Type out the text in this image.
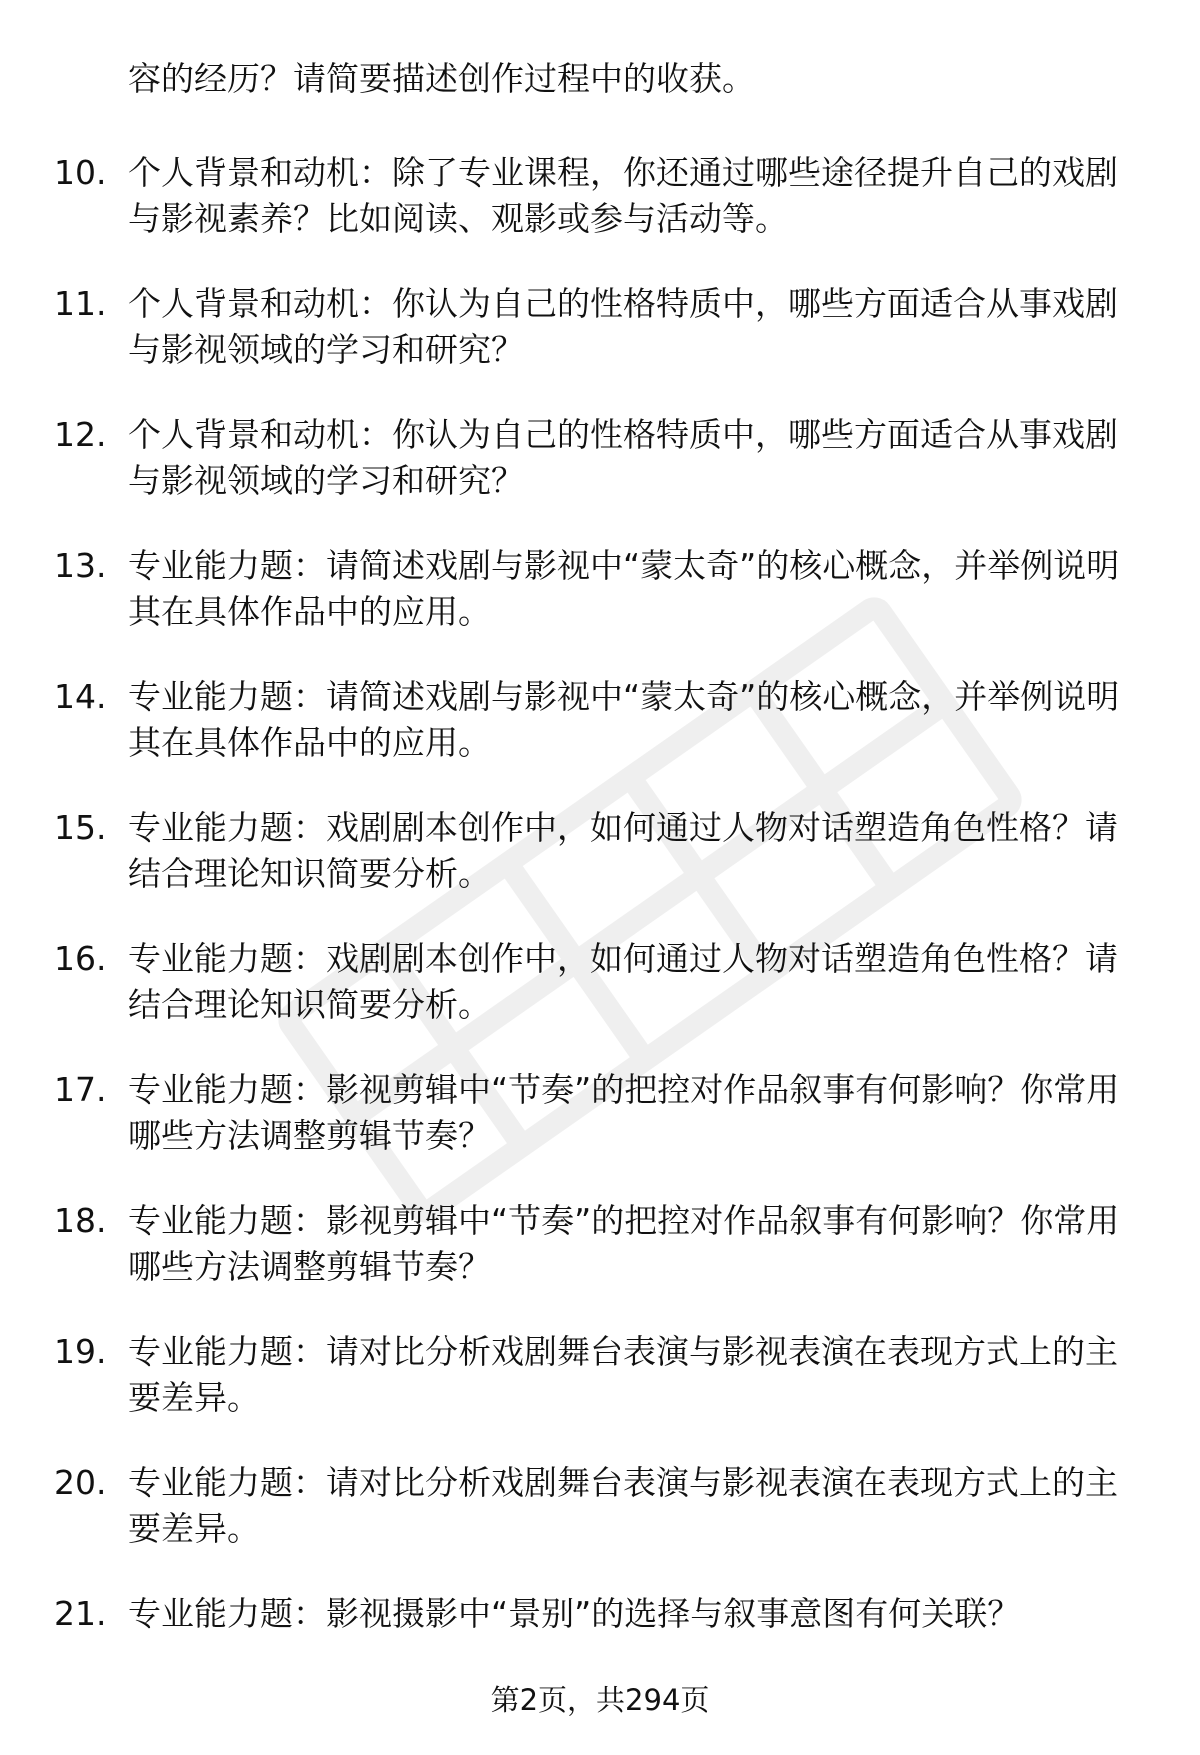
容的经历？请简要描述创作过程中的收获。
10. 个人背景和动机：除了专业课程，你还通过哪些途径提升自己的戏剧与影视素养？比如阅读、观影或参与活动等。
11. 个人背景和动机：你认为自己的性格特质中，哪些方面适合从事戏剧与影视领域的学习和研究？
12. 个人背景和动机：你认为自己的性格特质中，哪些方面适合从事戏剧与影视领域的学习和研究？
13. 专业能力题：请简述戏剧与影视中“蒙太奇”的核心概念，并举例说明其在具体作品中的应用。
14. 专业能力题：请简述戏剧与影视中“蒙太奇”的核心概念，并举例说明其在具体作品中的应用。
15. 专业能力题：戏剧剧本创作中，如何通过人物对话塑造角色性格？请结合理论知识简要分析。
16. 专业能力题：戏剧剧本创作中，如何通过人物对话塑造角色性格？请结合理论知识简要分析。
17. 专业能力题：影视剪辑中“节奏”的把控对作品叙事有何影响？你常用哪些方法调整剪辑节奏？
18. 专业能力题：影视剪辑中“节奏”的把控对作品叙事有何影响？你常用哪些方法调整剪辑节奏？
19. 专业能力题：请对比分析戏剧舞台表演与影视表演在表现方式上的主要差异。
20. 专业能力题：请对比分析戏剧舞台表演与影视表演在表现方式上的主要差异。
21. 专业能力题：影视摄影中“景别”的选择与叙事意图有何关联？
第2页，共294页
